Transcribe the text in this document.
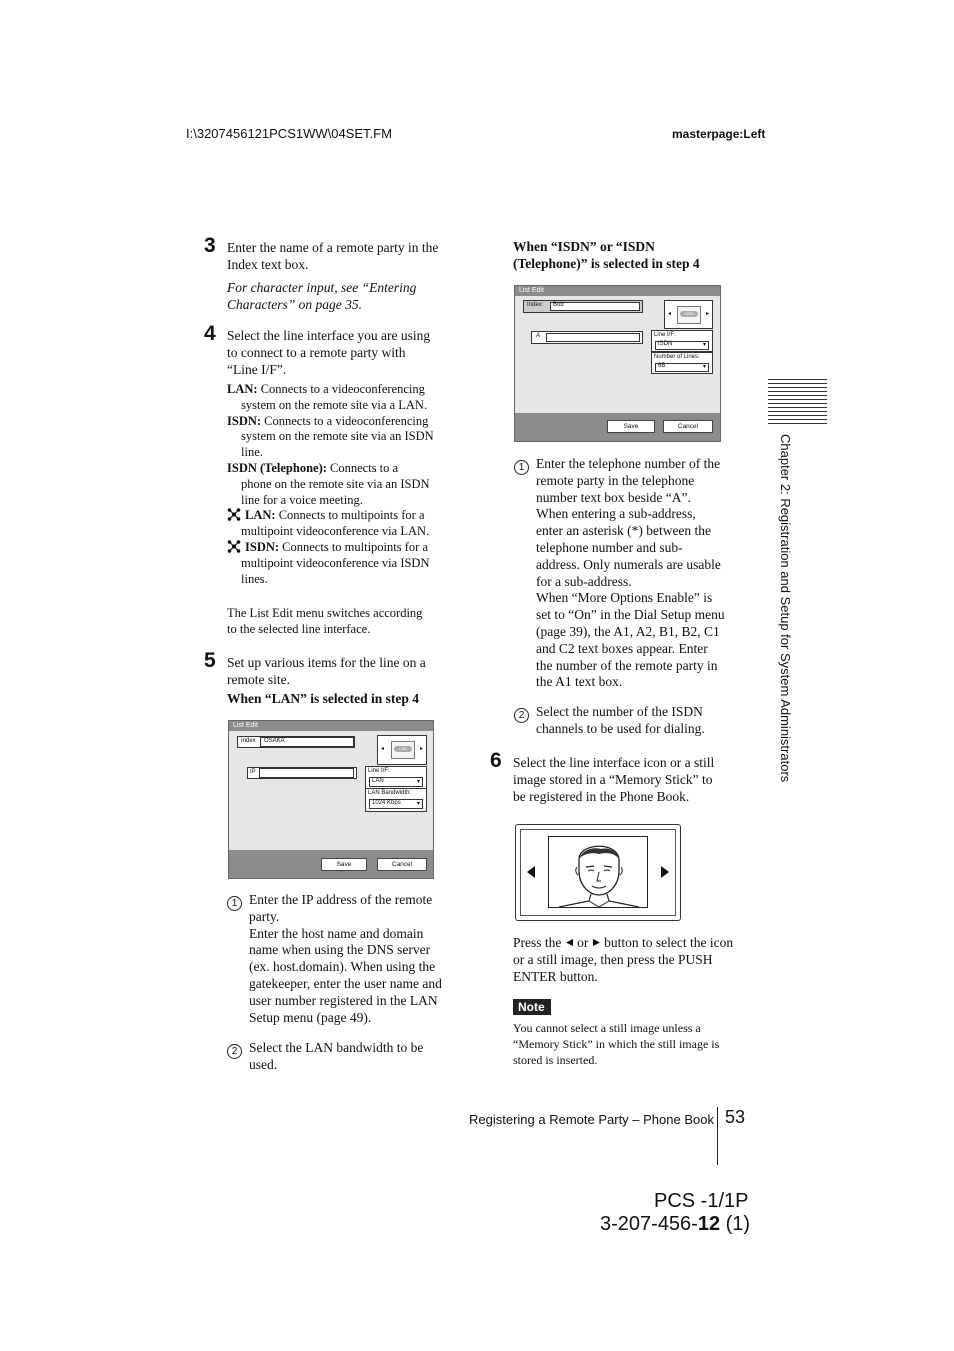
I:\3207456121PCS1WW\04SET.FM	masterpage:Left
Chapter 2: Registration and Setup for System Administrators
3 Enter the name of a remote party in the
Index text box.
For character input, see “Entering
Characters” on page 35.
4 Select the line interface you are using
to connect to a remote party with
“Line I/F”.
LAN: Connects to a videoconferencing
system on the remote site via a LAN.
ISDN: Connects to a videoconferencing
system on the remote site via an ISDN
line.
ISDN (Telephone): Connects to a
phone on the remote site via an ISDN
line for a voice meeting.
LAN: Connects to multipoints for a
multipoint videoconference via LAN.
ISDN: Connects to multipoints for a
multipoint videoconference via ISDN
lines.
The List Edit menu switches according
to the selected line interface.
5 Set up various items for the line on a
remote site.
When “LAN” is selected in step 4
List Edit
Index OSAKA
◂	LAN	▸
IP	Line I/F:
LAN	▾
LAN Bandwidth:
1024 Kbps	▾
Save	Cancel
1 Enter the IP address of the remote
party.
Enter the host name and domain
name when using the DNS server
(ex. host.domain). When using the
gatekeeper, enter the user name and
user number registered in the LAN
Setup menu (page 49).
2 Select the LAN bandwidth to be
used.
When “ISDN” or “ISDN
(Telephone)” is selected in step 4
List Edit
Index: Bob
◂	ISDN	▸
A	Line I/F:
ISDN	▾
Number of Lines:
6B	▾
Save	Cancel
1 Enter the telephone number of the
remote party in the telephone
number text box beside “A”.
When entering a sub-address,
enter an asterisk (*) between the
telephone number and sub-
address. Only numerals are usable
for a sub-address.
When “More Options Enable” is
set to “On” in the Dial Setup menu
(page 39), the A1, A2, B1, B2, C1
and C2 text boxes appear. Enter
the number of the remote party in
the A1 text box.
2 Select the number of the ISDN
channels to be used for dialing.
6 Select the line interface icon or a still
image stored in a “Memory Stick” to
be registered in the Phone Book.
Press the  or  button to select the icon
or a still image, then press the PUSH
ENTER button.
Note
You cannot select a still image unless a
“Memory Stick” in which the still image is
stored is inserted.
Registering a Remote Party – Phone Book 53
PCS -1/1P
3-207-456-12 (1)
